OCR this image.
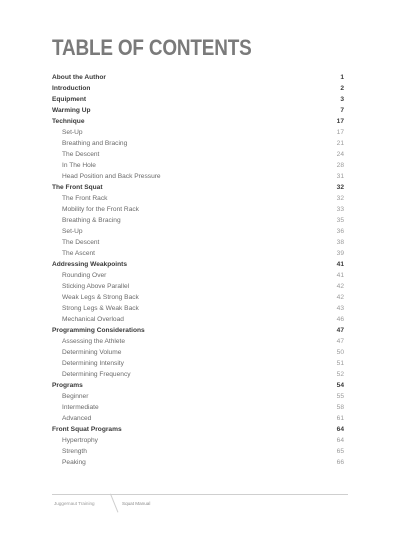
TABLE OF CONTENTS
About the Author	1
Introduction	2
Equipment	3
Warming Up	7
Technique	17
Set-Up	17
Breathing and Bracing	21
The Descent	24
In The Hole	28
Head Position and Back Pressure	31
The Front Squat	32
The Front Rack	32
Mobility for the Front Rack	33
Breathing & Bracing	35
Set-Up	36
The Descent	38
The Ascent	39
Addressing Weakpoints	41
Rounding Over	41
Sticking Above Parallel	42
Weak Legs & Strong Back	42
Strong Legs & Weak Back	43
Mechanical Overload	46
Programming Considerations	47
Assessing the Athlete	47
Determining Volume	50
Determining Intensity	51
Determining Frequency	52
Programs	54
Beginner	55
Intermediate	58
Advanced	61
Front Squat Programs	64
Hypertrophy	64
Strength	65
Peaking	66
Juggernaut Training	Squat Manual
